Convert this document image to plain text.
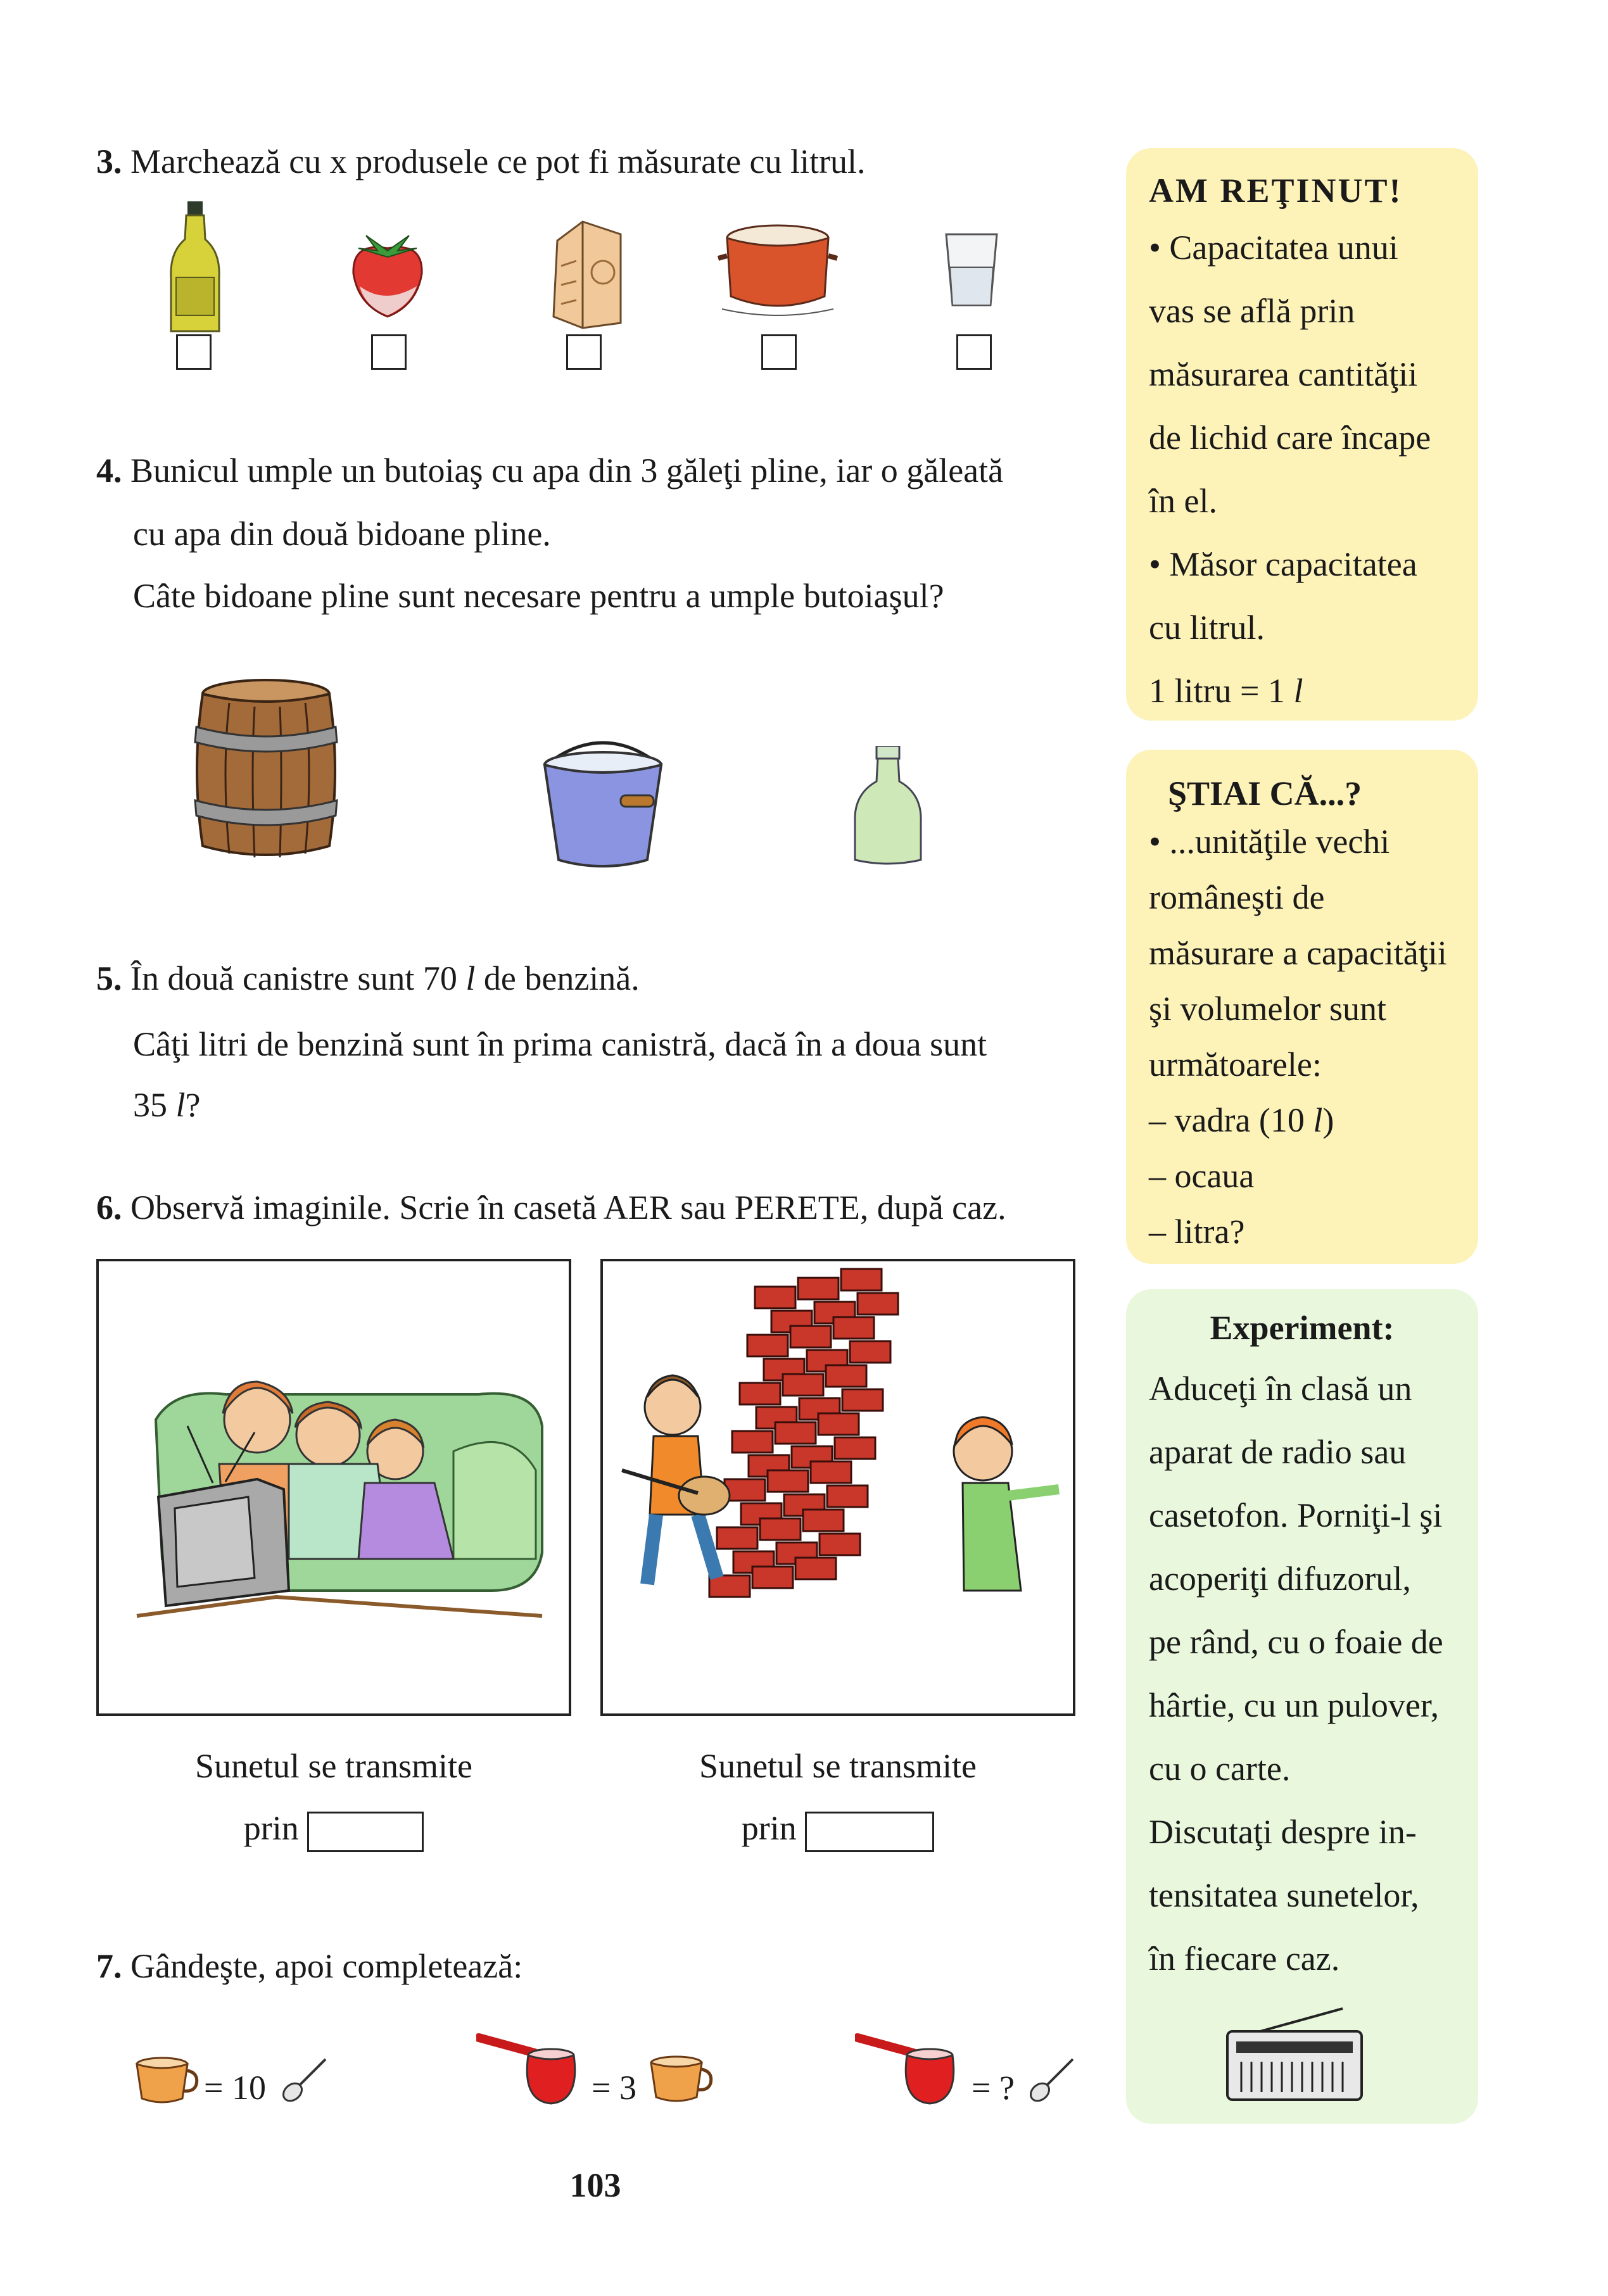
3. Marchează cu x produsele ce pot fi măsurate cu litrul.
4. Bunicul umple un butoiaş cu apa din 3 găleţi pline, iar o găleată
cu apa din două bidoane pline.
Câte bidoane pline sunt necesare pentru a umple butoiaşul?
5. În două canistre sunt 70 l de benzină.
Câţi litri de benzină sunt în prima canistră, dacă în a doua sunt
35 l?
6. Observă imaginile. Scrie în casetă AER sau PERETE, după caz.
Sunetul se transmite
prin
Sunetul se transmite
prin
7. Gândeşte, apoi completează:
= 10	= 3	= ?
103
AM REŢINUT!
• Capacitatea unui
vas se află prin
măsurarea cantităţii
de lichid care încape
în el.
• Măsor capacitatea
cu litrul.
1 litru = 1 l
ŞTIAI CĂ...?
• ...unităţile vechi
româneşti de
măsurare a capacităţii
şi volumelor sunt
următoarele:
– vadra (10 l)
– ocaua
– litra?
Experiment:
Aduceţi în clasă un
aparat de radio sau
casetofon. Porniţi-l şi
acoperiţi difuzorul,
pe rând, cu o foaie de
hârtie, cu un pulover,
cu o carte.
Discutaţi despre in-
tensitatea sunetelor,
în fiecare caz.
